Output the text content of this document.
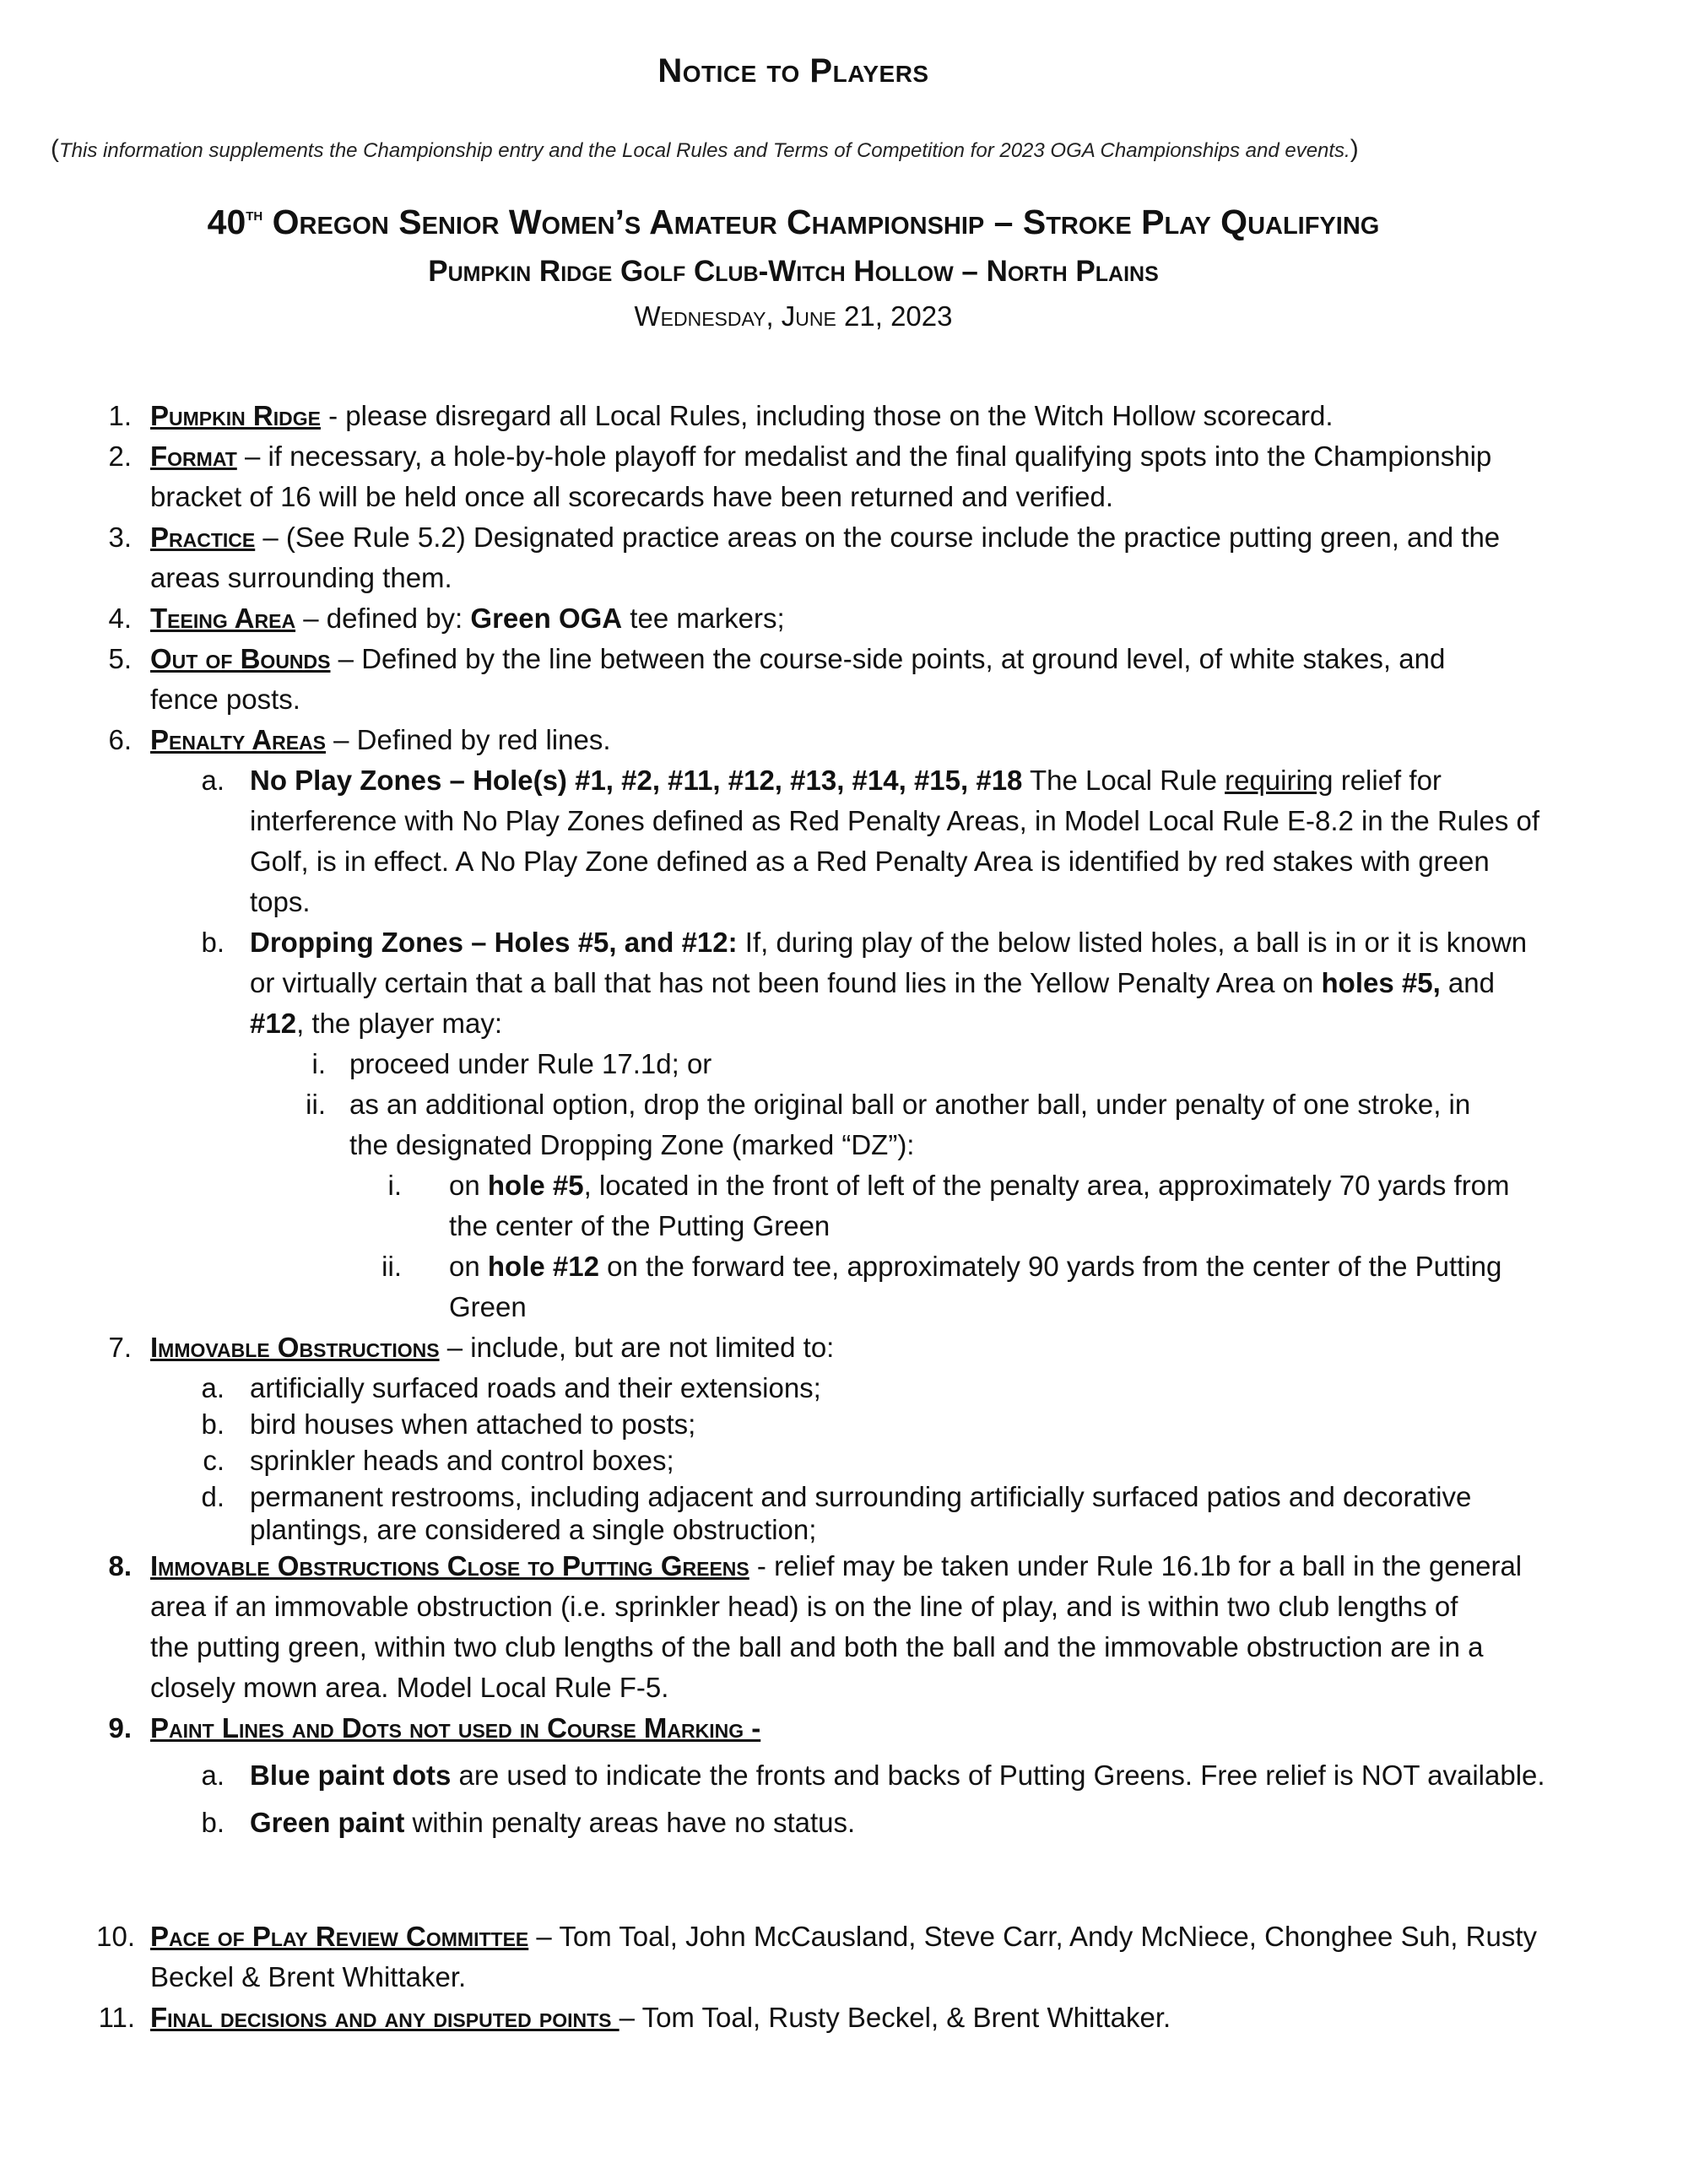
Notice to Players
(This information supplements the Championship entry and the Local Rules and Terms of Competition for 2023 OGA Championships and events.)
40th Oregon Senior Women’s Amateur Championship – Stroke Play Qualifying
Pumpkin Ridge Golf Club-Witch Hollow – North Plains
Wednesday, June 21, 2023
1. Pumpkin Ridge - please disregard all Local Rules, including those on the Witch Hollow scorecard.
2. Format – if necessary, a hole-by-hole playoff for medalist and the final qualifying spots into the Championship
bracket of 16 will be held once all scorecards have been returned and verified.
3. Practice – (See Rule 5.2) Designated practice areas on the course include the practice putting green, and the
areas surrounding them.
4. Teeing Area – defined by: Green OGA tee markers;
5. Out of Bounds – Defined by the line between the course-side points, at ground level, of white stakes, and
fence posts.
6. Penalty Areas – Defined by red lines.
a. No Play Zones – Hole(s) #1, #2, #11, #12, #13, #14, #15, #18 The Local Rule requiring relief for
interference with No Play Zones defined as Red Penalty Areas, in Model Local Rule E-8.2 in the Rules of
Golf, is in effect. A No Play Zone defined as a Red Penalty Area is identified by red stakes with green
tops.
b. Dropping Zones – Holes #5, and #12: If, during play of the below listed holes, a ball is in or it is known
or virtually certain that a ball that has not been found lies in the Yellow Penalty Area on holes #5, and
#12, the player may:
i. proceed under Rule 17.1d; or
ii. as an additional option, drop the original ball or another ball, under penalty of one stroke, in
the designated Dropping Zone (marked “DZ”):
i. on hole #5, located in the front of left of the penalty area, approximately 70 yards from
the center of the Putting Green
ii. on hole #12 on the forward tee, approximately 90 yards from the center of the Putting
Green
7. Immovable Obstructions – include, but are not limited to:
a. artificially surfaced roads and their extensions;
b. bird houses when attached to posts;
c. sprinkler heads and control boxes;
d. permanent restrooms, including adjacent and surrounding artificially surfaced patios and decorative
plantings, are considered a single obstruction;
8. Immovable Obstructions Close to Putting Greens - relief may be taken under Rule 16.1b for a ball in the general
area if an immovable obstruction (i.e. sprinkler head) is on the line of play, and is within two club lengths of
the putting green, within two club lengths of the ball and both the ball and the immovable obstruction are in a
closely mown area. Model Local Rule F-5.
9. Paint Lines and Dots not used in Course Marking -
a. Blue paint dots are used to indicate the fronts and backs of Putting Greens. Free relief is NOT available.
b. Green paint within penalty areas have no status.
10. Pace of Play Review Committee – Tom Toal, John McCausland, Steve Carr, Andy McNiece, Chonghee Suh, Rusty
Beckel & Brent Whittaker.
11. Final decisions and any disputed points – Tom Toal, Rusty Beckel, & Brent Whittaker.
